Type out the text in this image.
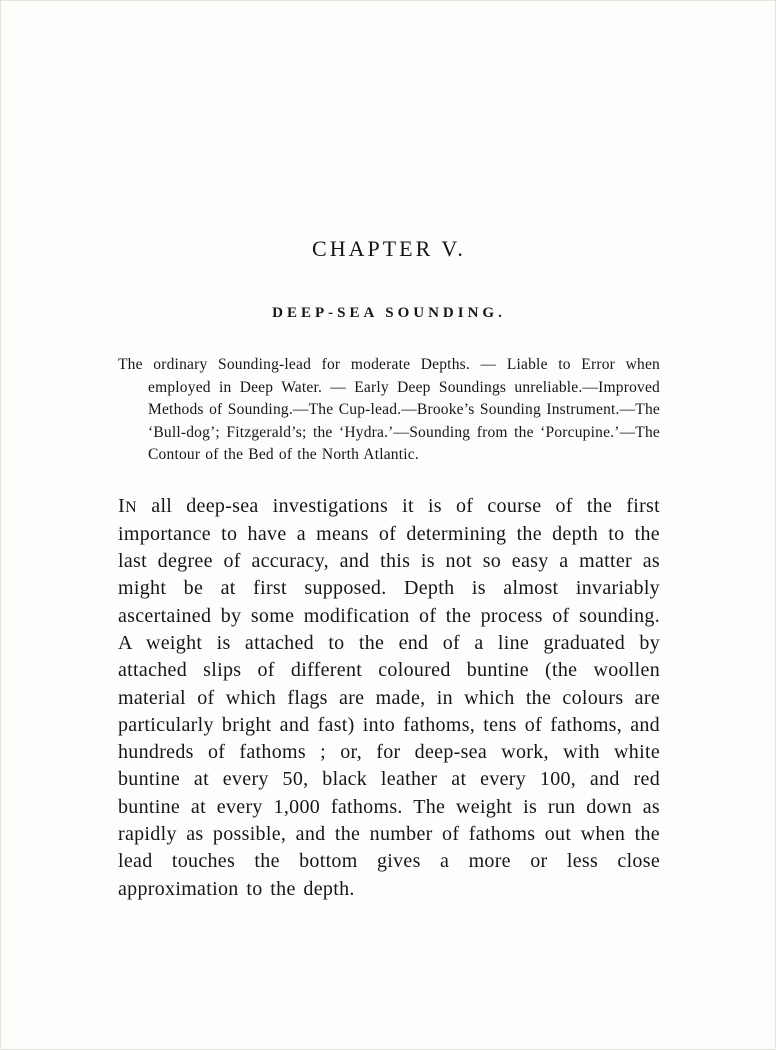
CHAPTER V.
DEEP-SEA SOUNDING.
The ordinary Sounding-lead for moderate Depths. — Liable to Error when employed in Deep Water. — Early Deep Soundings unreliable.—Improved Methods of Sounding.—The Cup-lead.—Brooke’s Sounding Instrument.—The ‘Bull-dog’; Fitzgerald’s; the ‘Hydra.’—Sounding from the ‘Porcupine.’—The Contour of the Bed of the North Atlantic.

IN all deep-sea investigations it is of course of the first importance to have a means of determining the depth to the last degree of accuracy, and this is not so easy a matter as might be at first supposed. Depth is almost invariably ascertained by some modification of the process of sounding. A weight is attached to the end of a line graduated by attached slips of different coloured buntine (the woollen material of which flags are made, in which the colours are particularly bright and fast) into fathoms, tens of fathoms, and hundreds of fathoms ; or, for deep-sea work, with white buntine at every 50, black leather at every 100, and red buntine at every 1,000 fathoms. The weight is run down as rapidly as possible, and the number of fathoms out when the lead touches the bottom gives a more or less close approximation to the depth.
